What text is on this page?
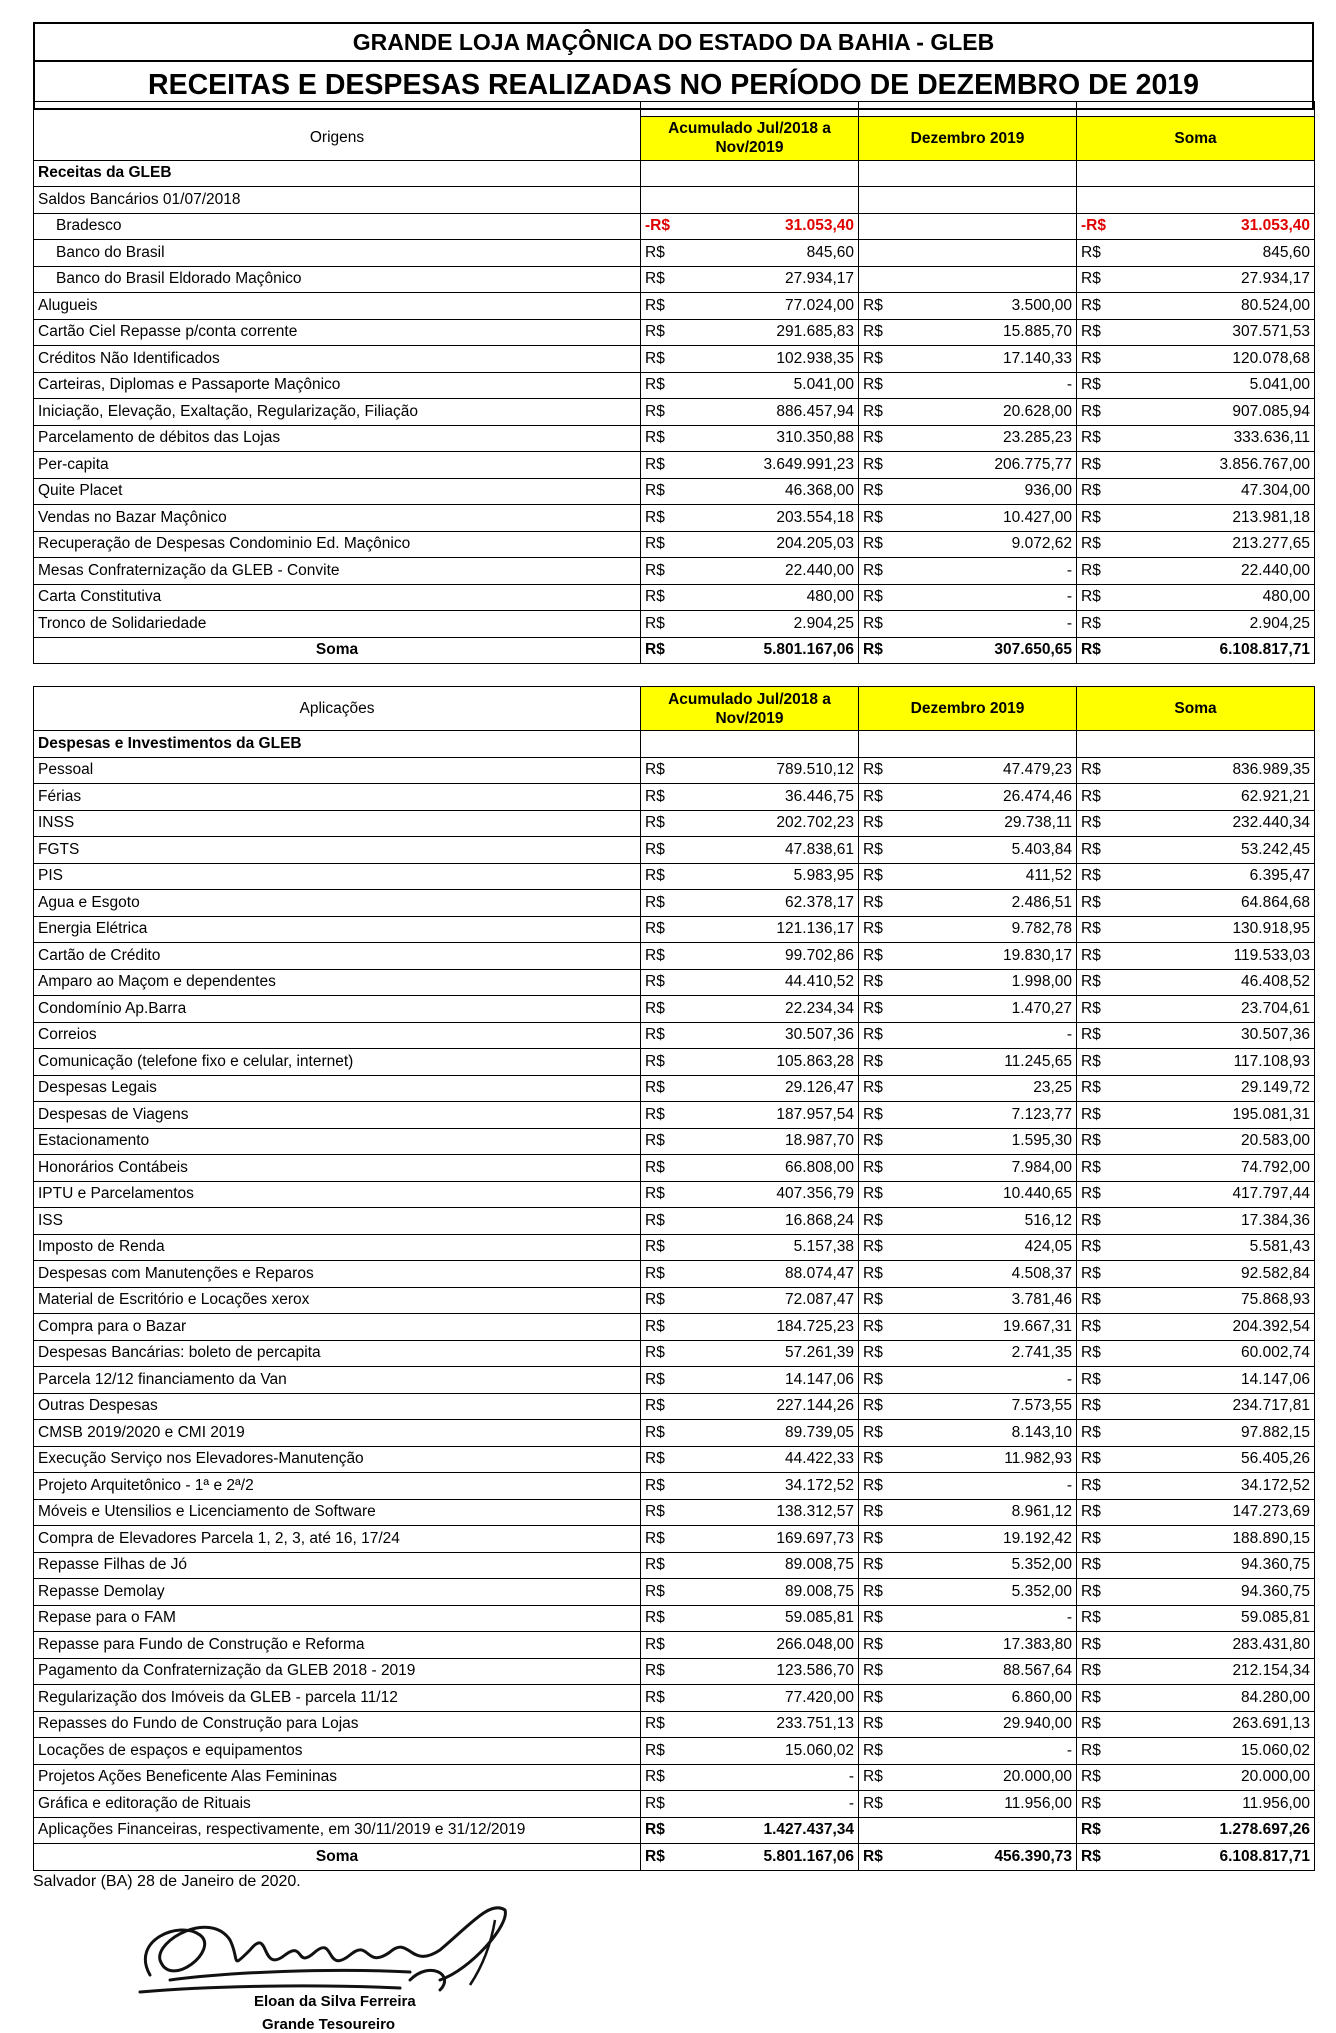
GRANDE LOJA MAÇÔNICA DO ESTADO DA BAHIA - GLEB
RECEITAS E DESPESAS REALIZADAS NO PERÍODO DE DEZEMBRO DE 2019

Origens	Acumulado Jul/2018 a Nov/2019		Dezembro 2019		Soma	
Receitas da GLEB						
Saldos Bancários 01/07/2018						
Bradesco	-R$	31.053,40			-R$	31.053,40
Banco do Brasil	R$	845,60			R$	845,60
Banco do Brasil Eldorado Maçônico	R$	27.934,17			R$	27.934,17
Alugueis	R$	77.024,00	R$	3.500,00	R$	80.524,00
Cartão Ciel Repasse p/conta corrente	R$	291.685,83	R$	15.885,70	R$	307.571,53
Créditos Não Identificados	R$	102.938,35	R$	17.140,33	R$	120.078,68
Carteiras, Diplomas e Passaporte Maçônico	R$	5.041,00	R$	-	R$	5.041,00
Iniciação, Elevação, Exaltação, Regularização, Filiação	R$	886.457,94	R$	20.628,00	R$	907.085,94
Parcelamento de débitos das Lojas	R$	310.350,88	R$	23.285,23	R$	333.636,11
Per-capita	R$	3.649.991,23	R$	206.775,77	R$	3.856.767,00
Quite Placet	R$	46.368,00	R$	936,00	R$	47.304,00
Vendas no Bazar Maçônico	R$	203.554,18	R$	10.427,00	R$	213.981,18
Recuperação de Despesas Condominio Ed. Maçônico	R$	204.205,03	R$	9.072,62	R$	213.277,65
Mesas Confraternização da GLEB - Convite	R$	22.440,00	R$	-	R$	22.440,00
Carta Constitutiva	R$	480,00	R$	-	R$	480,00
Tronco de Solidariedade	R$	2.904,25	R$	-	R$	2.904,25
Soma	R$	5.801.167,06	R$	307.650,65	R$	6.108.817,71
Aplicações	Acumulado Jul/2018 a Nov/2019		Dezembro 2019		Soma	
Despesas e Investimentos da GLEB						
Pessoal	R$	789.510,12	R$	47.479,23	R$	836.989,35
Férias	R$	36.446,75	R$	26.474,46	R$	62.921,21
INSS	R$	202.702,23	R$	29.738,11	R$	232.440,34
FGTS	R$	47.838,61	R$	5.403,84	R$	53.242,45
PIS	R$	5.983,95	R$	411,52	R$	6.395,47
Agua e Esgoto	R$	62.378,17	R$	2.486,51	R$	64.864,68
Energia Elétrica	R$	121.136,17	R$	9.782,78	R$	130.918,95
Cartão de Crédito	R$	99.702,86	R$	19.830,17	R$	119.533,03
Amparo ao Maçom e dependentes	R$	44.410,52	R$	1.998,00	R$	46.408,52
Condomínio Ap.Barra	R$	22.234,34	R$	1.470,27	R$	23.704,61
Correios	R$	30.507,36	R$	-	R$	30.507,36
Comunicação (telefone fixo e celular, internet)	R$	105.863,28	R$	11.245,65	R$	117.108,93
Despesas Legais	R$	29.126,47	R$	23,25	R$	29.149,72
Despesas de Viagens	R$	187.957,54	R$	7.123,77	R$	195.081,31
Estacionamento	R$	18.987,70	R$	1.595,30	R$	20.583,00
Honorários Contábeis	R$	66.808,00	R$	7.984,00	R$	74.792,00
IPTU e Parcelamentos	R$	407.356,79	R$	10.440,65	R$	417.797,44
ISS	R$	16.868,24	R$	516,12	R$	17.384,36
Imposto de Renda	R$	5.157,38	R$	424,05	R$	5.581,43
Despesas com Manutenções e Reparos	R$	88.074,47	R$	4.508,37	R$	92.582,84
Material de Escritório e Locações xerox	R$	72.087,47	R$	3.781,46	R$	75.868,93
Compra para o Bazar	R$	184.725,23	R$	19.667,31	R$	204.392,54
Despesas Bancárias: boleto de percapita	R$	57.261,39	R$	2.741,35	R$	60.002,74
Parcela 12/12 financiamento da Van	R$	14.147,06	R$	-	R$	14.147,06
Outras Despesas	R$	227.144,26	R$	7.573,55	R$	234.717,81
CMSB 2019/2020 e CMI 2019	R$	89.739,05	R$	8.143,10	R$	97.882,15
Execução Serviço nos Elevadores-Manutenção	R$	44.422,33	R$	11.982,93	R$	56.405,26
Projeto Arquitetônico - 1ª e 2ª/2	R$	34.172,52	R$	-	R$	34.172,52
Móveis e Utensilios e Licenciamento de Software	R$	138.312,57	R$	8.961,12	R$	147.273,69
Compra de Elevadores Parcela 1, 2, 3, até 16, 17/24	R$	169.697,73	R$	19.192,42	R$	188.890,15
Repasse Filhas de Jó	R$	89.008,75	R$	5.352,00	R$	94.360,75
Repasse Demolay	R$	89.008,75	R$	5.352,00	R$	94.360,75
Repase para o FAM	R$	59.085,81	R$	-	R$	59.085,81
Repasse para Fundo de Construção e Reforma	R$	266.048,00	R$	17.383,80	R$	283.431,80
Pagamento da Confraternização da GLEB 2018 - 2019	R$	123.586,70	R$	88.567,64	R$	212.154,34
Regularização dos Imóveis da GLEB - parcela 11/12	R$	77.420,00	R$	6.860,00	R$	84.280,00
Repasses do Fundo de Construção para Lojas	R$	233.751,13	R$	29.940,00	R$	263.691,13
Locações de espaços e equipamentos	R$	15.060,02	R$	-	R$	15.060,02
Projetos Ações Beneficente Alas Femininas	R$	-	R$	20.000,00	R$	20.000,00
Gráfica e editoração de Rituais	R$	-	R$	11.956,00	R$	11.956,00
Aplicações Financeiras, respectivamente, em 30/11/2019 e 31/12/2019	R$	1.427.437,34			R$	1.278.697,26
Soma	R$	5.801.167,06	R$	456.390,73	R$	6.108.817,71
Salvador (BA) 28 de Janeiro de 2020.
Eloan da Silva Ferreira
Grande Tesoureiro
